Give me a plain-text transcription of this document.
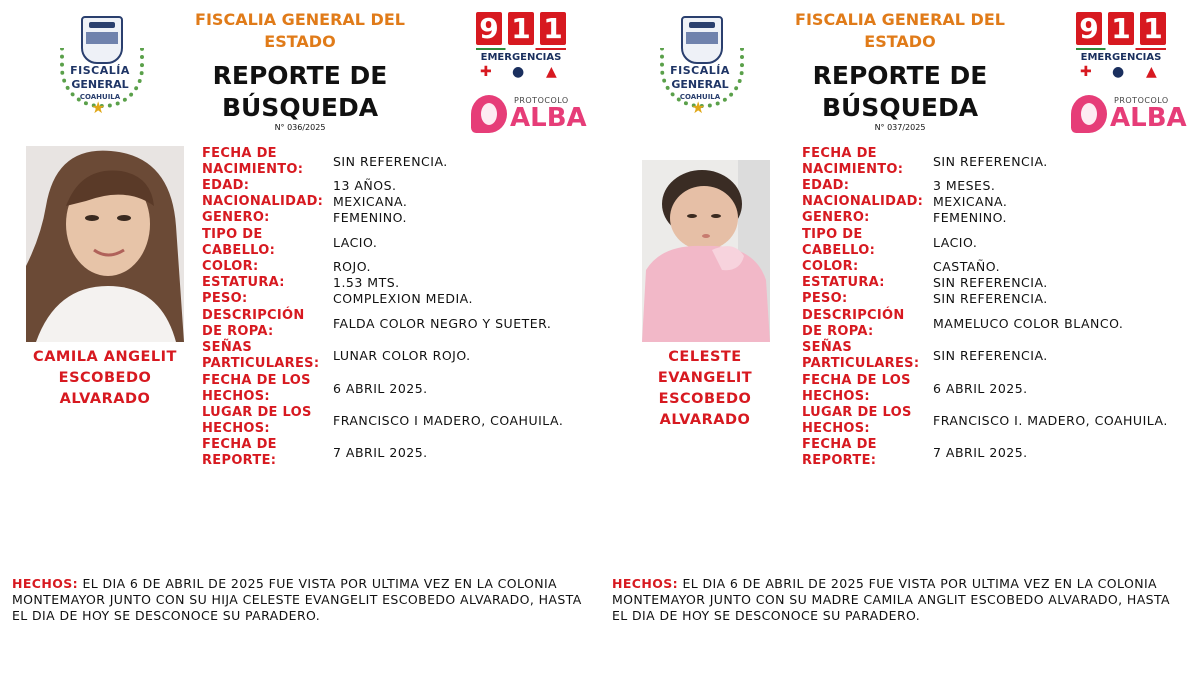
FISCALÍA
GENERAL
COAHUILA
★
FISCALIA GENERAL DEL ESTADO
REPORTE DE BÚSQUEDA
N° 036/2025
9 1 1
EMERGENCIAS
✚ ● ▲
PROTOCOLO
ALBA
CAMILA ANGELIT
ESCOBEDO
ALVARADO
FECHA DE NACIMIENTO:
SIN REFERENCIA.
EDAD:	13 AÑOS.
NACIONALIDAD: MEXICANA.
GENERO:	FEMENINO.
TIPO DE CABELLO:
LACIO.
COLOR:	ROJO.
ESTATURA:	1.53 MTS.
PESO:	COMPLEXION MEDIA.
DESCRIPCIÓN DE ROPA:
FALDA COLOR NEGRO Y SUETER.
SEÑAS PARTICULARES:
LUNAR COLOR ROJO.
FECHA DE LOS HECHOS:
6 ABRIL 2025.
LUGAR DE LOS HECHOS:
FRANCISCO I MADERO, COAHUILA.
FECHA DE REPORTE:
7 ABRIL 2025.
HECHOS: EL DIA 6 DE ABRIL DE 2025 FUE VISTA POR ULTIMA VEZ EN LA COLONIA MONTEMAYOR JUNTO CON SU HIJA CELESTE EVANGELIT ESCOBEDO ALVARADO, HASTA EL DIA DE HOY SE DESCONOCE SU PARADERO.
FISCALÍA
GENERAL
COAHUILA
★
FISCALIA GENERAL DEL ESTADO
REPORTE DE BÚSQUEDA
N° 037/2025
9 1 1
EMERGENCIAS
✚ ● ▲
PROTOCOLO
ALBA
CELESTE
EVANGELIT
ESCOBEDO
ALVARADO
FECHA DE NACIMIENTO:
SIN REFERENCIA.
EDAD:	3 MESES.
NACIONALIDAD: MEXICANA.
GENERO:	FEMENINO.
TIPO DE CABELLO:
LACIO.
COLOR:	CASTAÑO.
ESTATURA:	SIN REFERENCIA.
PESO:	SIN REFERENCIA.
DESCRIPCIÓN DE ROPA:
MAMELUCO COLOR BLANCO.
SEÑAS PARTICULARES:
SIN REFERENCIA.
FECHA DE LOS HECHOS:
6 ABRIL 2025.
LUGAR DE LOS HECHOS:
FRANCISCO I. MADERO, COAHUILA.
FECHA DE REPORTE:
7 ABRIL 2025.
HECHOS: EL DIA 6 DE ABRIL DE 2025 FUE VISTA POR ULTIMA VEZ EN LA COLONIA MONTEMAYOR JUNTO CON SU MADRE CAMILA ANGLIT ESCOBEDO ALVARADO, HASTA EL DIA DE HOY SE DESCONOCE SU PARADERO.
